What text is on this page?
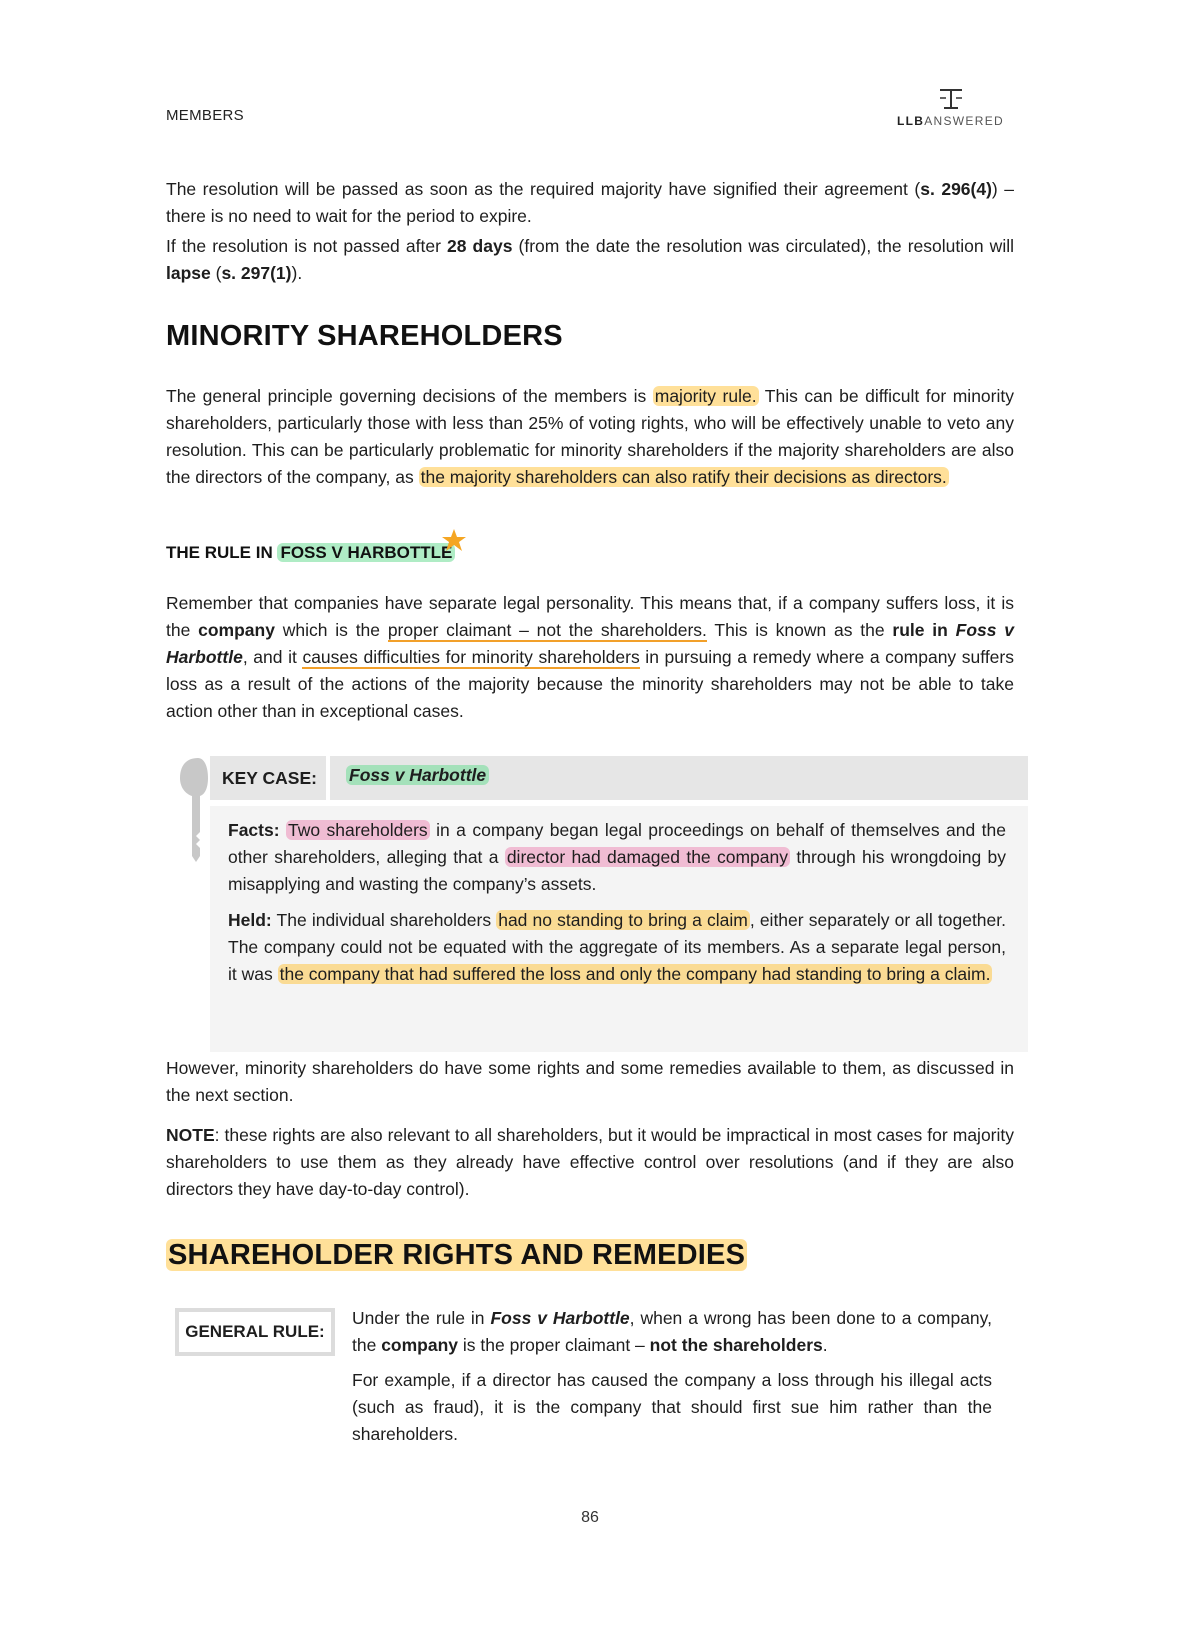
MEMBERS	LLBANSWERED
The resolution will be passed as soon as the required majority have signified their agreement (s. 296(4)) – there is no need to wait for the period to expire.
If the resolution is not passed after 28 days (from the date the resolution was circulated), the resolution will lapse (s. 297(1)).
MINORITY SHAREHOLDERS
The general principle governing decisions of the members is majority rule. This can be difficult for minority shareholders, particularly those with less than 25% of voting rights, who will be effectively unable to veto any resolution. This can be particularly problematic for minority shareholders if the majority shareholders are also the directors of the company, as the majority shareholders can also ratify their decisions as directors.
THE RULE IN FOSS V HARBOTTLE
Remember that companies have separate legal personality. This means that, if a company suffers loss, it is the company which is the proper claimant – not the shareholders. This is known as the rule in Foss v Harbottle, and it causes difficulties for minority shareholders in pursuing a remedy where a company suffers loss as a result of the actions of the majority because the minority shareholders may not be able to take action other than in exceptional cases.
KEY CASE:	Foss v Harbottle
Facts: Two shareholders in a company began legal proceedings on behalf of themselves and the other shareholders, alleging that a director had damaged the company through his wrongdoing by misapplying and wasting the company’s assets.
Held: The individual shareholders had no standing to bring a claim , either separately or all together. The company could not be equated with the aggregate of its members. As a separate legal person, it was the company that had suffered the loss and only the company had standing to bring a claim.
However, minority shareholders do have some rights and some remedies available to them, as discussed in the next section.
NOTE: these rights are also relevant to all shareholders, but it would be impractical in most cases for majority shareholders to use them as they already have effective control over resolutions (and if they are also directors they have day-to-day control).
SHAREHOLDER RIGHTS AND REMEDIES
GENERAL RULE:
Under the rule in Foss v Harbottle, when a wrong has been done to a company, the company is the proper claimant – not the shareholders.
For example, if a director has caused the company a loss through his illegal acts (such as fraud), it is the company that should first sue him rather than the shareholders.
86
